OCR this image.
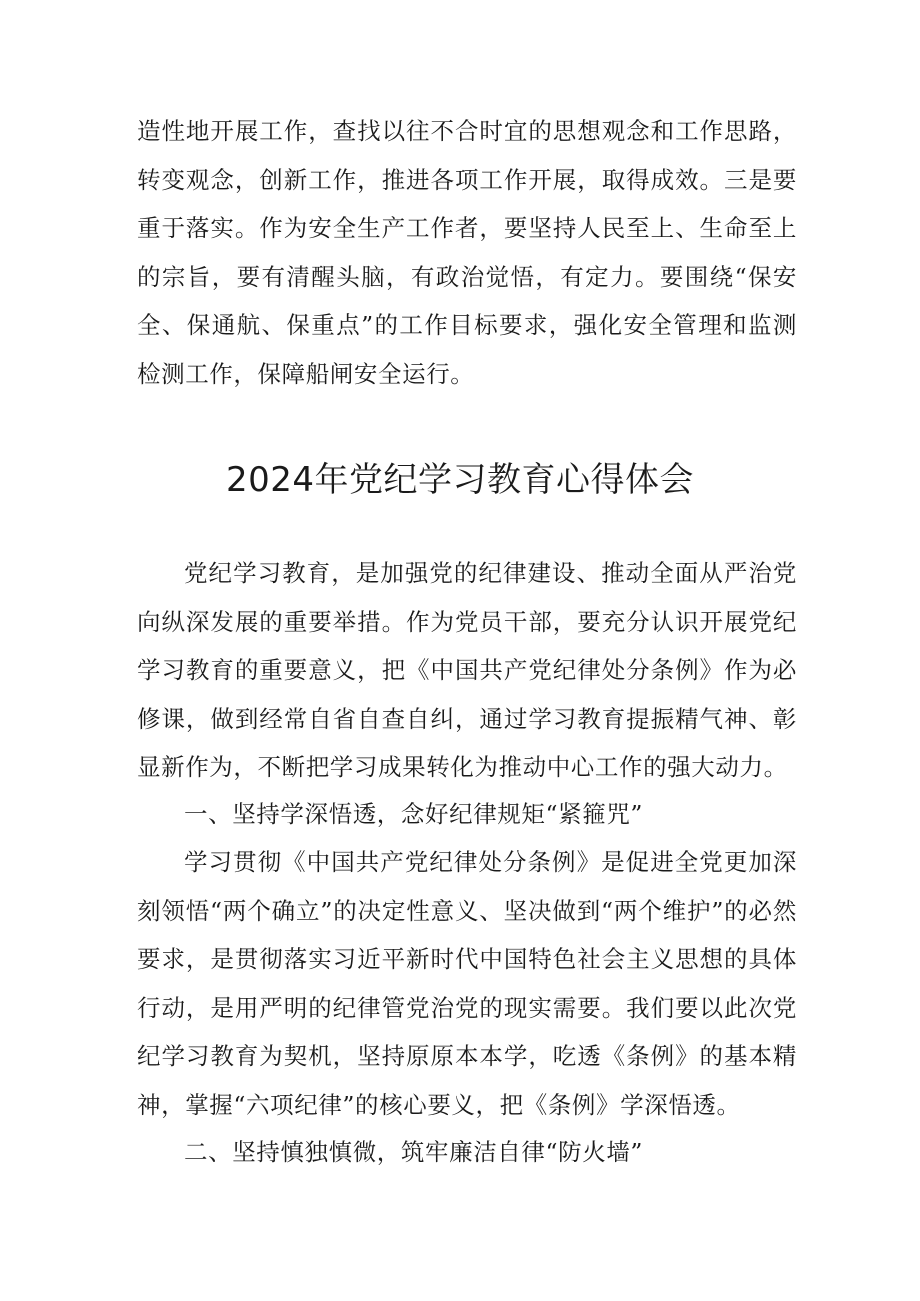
造性地开展工作，查找以往不合时宜的思想观念和工作思路，转变观念，创新工作，推进各项工作开展，取得成效。三是要重于落实。作为安全生产工作者，要坚持人民至上、生命至上的宗旨，要有清醒头脑，有政治觉悟，有定力。要围绕“保安全、保通航、保重点”的工作目标要求，强化安全管理和监测检测工作，保障船闸安全运行。

2024年党纪学习教育心得体会

党纪学习教育，是加强党的纪律建设、推动全面从严治党向纵深发展的重要举措。作为党员干部，要充分认识开展党纪学习教育的重要意义，把《中国共产党纪律处分条例》作为必修课，做到经常自省自查自纠，通过学习教育提振精气神、彰显新作为，不断把学习成果转化为推动中心工作的强大动力。

一、坚持学深悟透，念好纪律规矩“紧箍咒”

学习贯彻《中国共产党纪律处分条例》是促进全党更加深刻领悟“两个确立”的决定性意义、坚决做到“两个维护”的必然要求，是贯彻落实习近平新时代中国特色社会主义思想的具体行动，是用严明的纪律管党治党的现实需要。我们要以此次党纪学习教育为契机，坚持原原本本学，吃透《条例》的基本精神，掌握“六项纪律”的核心要义，把《条例》学深悟透。

二、坚持慎独慎微，筑牢廉洁自律“防火墙”
